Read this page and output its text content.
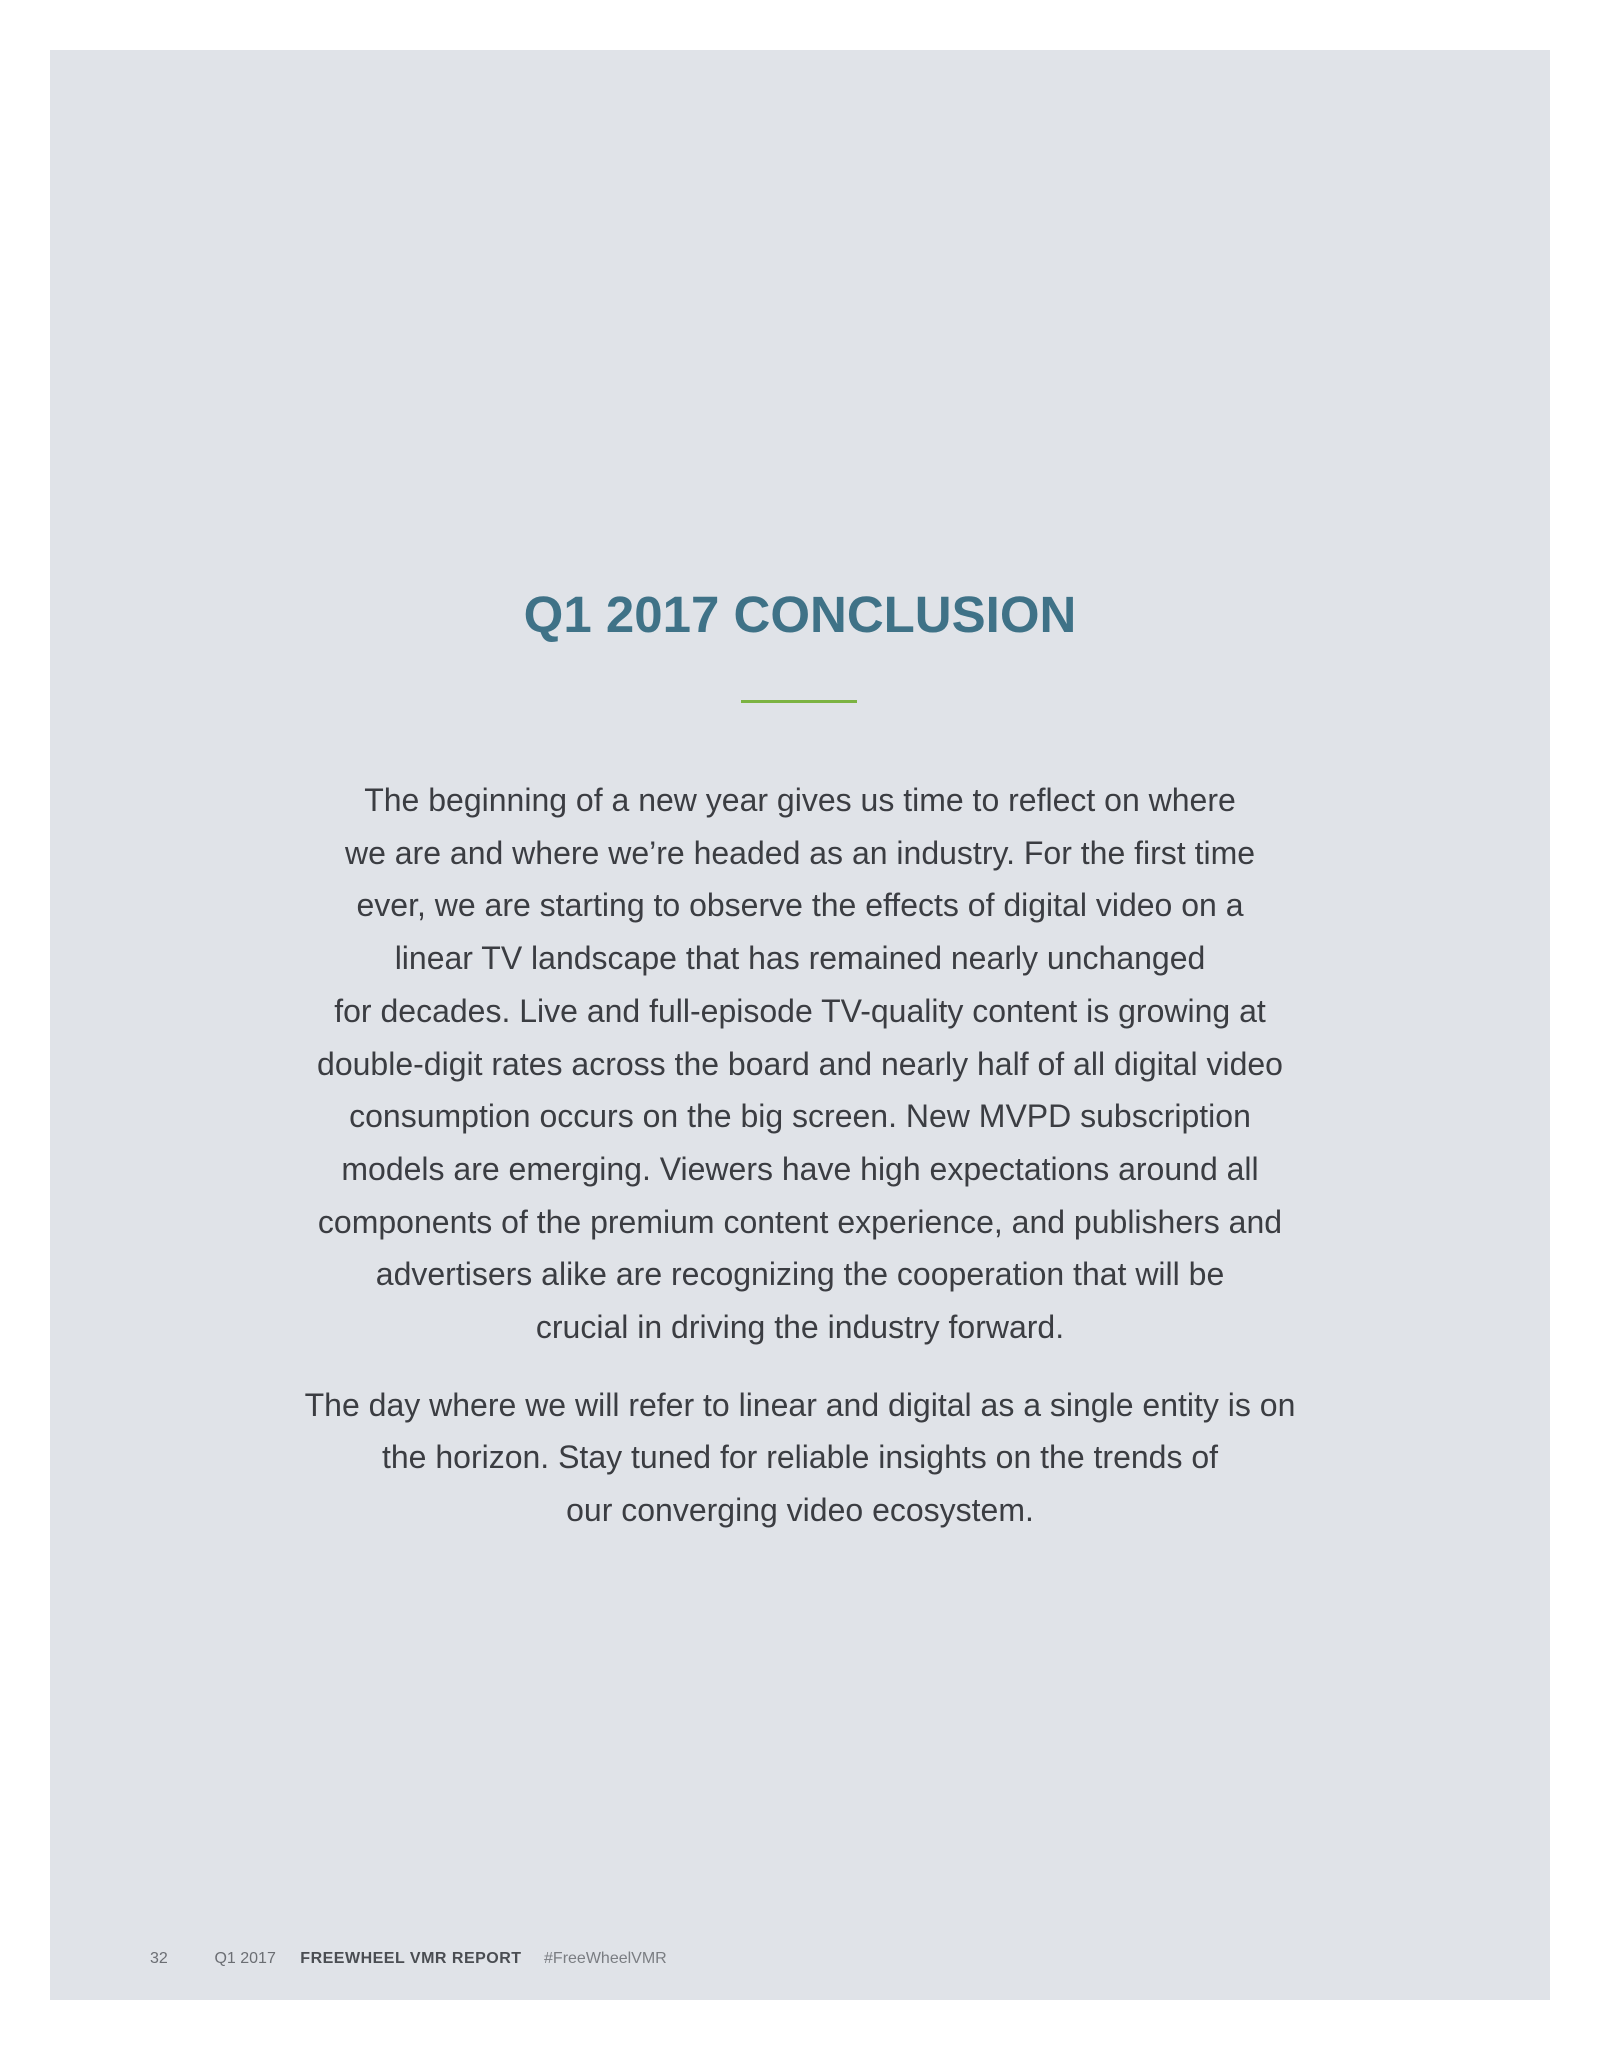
Q1 2017 CONCLUSION

The beginning of a new year gives us time to reflect on where
we are and where we’re headed as an industry. For the first time
ever, we are starting to observe the effects of digital video on a
linear TV landscape that has remained nearly unchanged
for decades. Live and full-episode TV-quality content is growing at
double-digit rates across the board and nearly half of all digital video
consumption occurs on the big screen. New MVPD subscription
models are emerging. Viewers have high expectations around all
components of the premium content experience, and publishers and
advertisers alike are recognizing the cooperation that will be
crucial in driving the industry forward.

The day where we will refer to linear and digital as a single entity is on
the horizon. Stay tuned for reliable insights on the trends of
our converging video ecosystem.

32	Q1 2017 FREEWHEEL VMR REPORT #FreeWheelVMR
